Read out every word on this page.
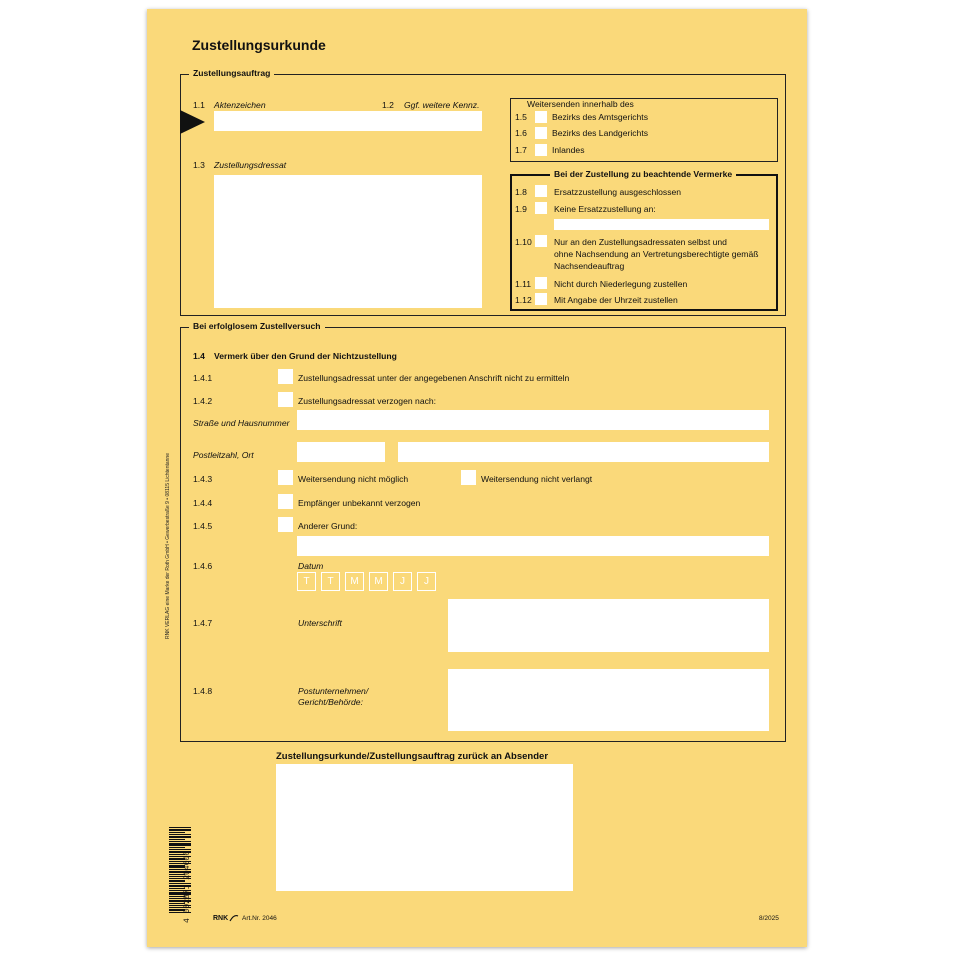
Zustellungsurkunde
Zustellungsauftrag
1.1 Aktenzeichen	1.2 Ggf. weitere Kennz.
1.3 Zustellungsdressat
Weitersenden innerhalb des
1.5	Bezirks des Amtsgerichts
1.6	Bezirks des Landgerichts
1.7	Inlandes
Bei der Zustellung zu beachtende Vermerke
1.8	Ersatzzustellung ausgeschlossen
1.9	Keine Ersatzzustellung an:
1.10	Nur an den Zustellungsadressaten selbst und
ohne Nachsendung an Vertretungsberechtigte gemäß
Nachsendeauftrag
1.11	Nicht durch Niederlegung zustellen
1.12	Mit Angabe der Uhrzeit zustellen
Bei erfolglosem Zustellversuch
1.4 Vermerk über den Grund der Nichtzustellung
1.4.1	Zustellungsadressat unter der angegebenen Anschrift nicht zu ermitteln
1.4.2	Zustellungsadressat verzogen nach:
Straße und Hausnummer
Postleitzahl, Ort
1.4.3	Weitersendung nicht möglich	Weitersendung nicht verlangt
1.4.4	Empfänger unbekannt verzogen
1.4.5	Anderer Grund:
1.4.6	Datum
T	T	M	M	J	J
1.4.7	Unterschrift
1.4.8	Postunternehmen/
Gericht/Behörde:
Zustellungsurkunde/Zustellungsauftrag zurück an Absender
RNK VERLAG eine Marke der Roth GmbH • Gewerbestraße 9 • 08115 Lichtentanne
4 002871 204606	RNK Art.Nr. 2046	8/2025
